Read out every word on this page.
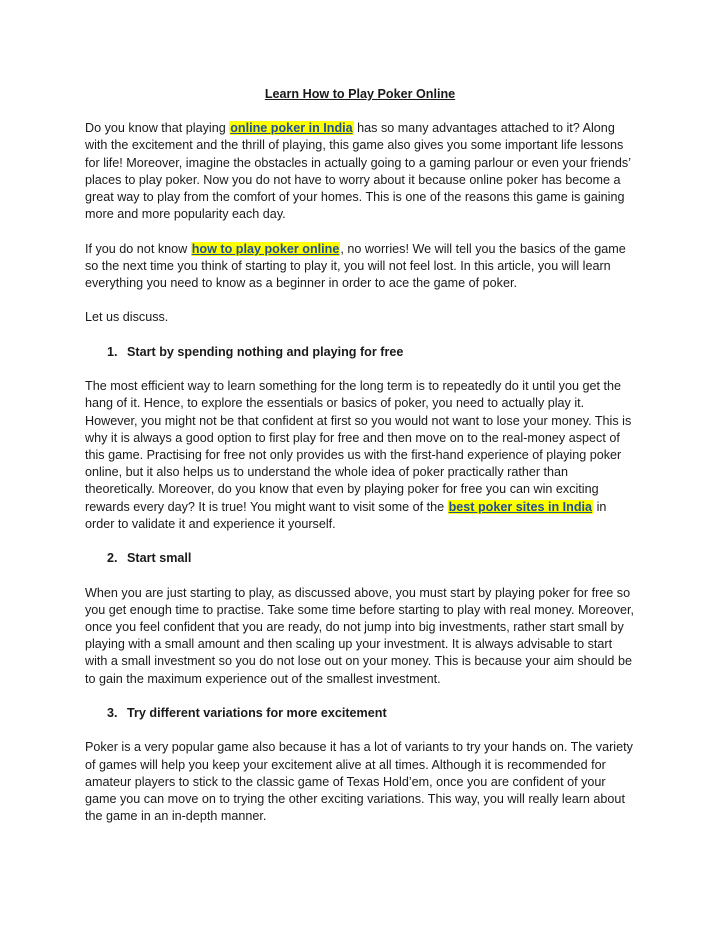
Learn How to Play Poker Online

Do you know that playing online poker in India has so many advantages attached to it? Along with the excitement and the thrill of playing, this game also gives you some important life lessons for life! Moreover, imagine the obstacles in actually going to a gaming parlour or even your friends’ places to play poker. Now you do not have to worry about it because online poker has become a great way to play from the comfort of your homes. This is one of the reasons this game is gaining more and more popularity each day.

If you do not know how to play poker online, no worries! We will tell you the basics of the game so the next time you think of starting to play it, you will not feel lost. In this article, you will learn everything you need to know as a beginner in order to ace the game of poker.

Let us discuss.

1. Start by spending nothing and playing for free

The most efficient way to learn something for the long term is to repeatedly do it until you get the hang of it. Hence, to explore the essentials or basics of poker, you need to actually play it. However, you might not be that confident at first so you would not want to lose your money. This is why it is always a good option to first play for free and then move on to the real-money aspect of this game. Practising for free not only provides us with the first-hand experience of playing poker online, but it also helps us to understand the whole idea of poker practically rather than theoretically. Moreover, do you know that even by playing poker for free you can win exciting rewards every day? It is true! You might want to visit some of the best poker sites in India in order to validate it and experience it yourself.

2. Start small

When you are just starting to play, as discussed above, you must start by playing poker for free so you get enough time to practise. Take some time before starting to play with real money. Moreover, once you feel confident that you are ready, do not jump into big investments, rather start small by playing with a small amount and then scaling up your investment. It is always advisable to start with a small investment so you do not lose out on your money. This is because your aim should be to gain the maximum experience out of the smallest investment.

3. Try different variations for more excitement

Poker is a very popular game also because it has a lot of variants to try your hands on. The variety of games will help you keep your excitement alive at all times. Although it is recommended for amateur players to stick to the classic game of Texas Hold’em, once you are confident of your game you can move on to trying the other exciting variations. This way, you will really learn about the game in an in-depth manner.
